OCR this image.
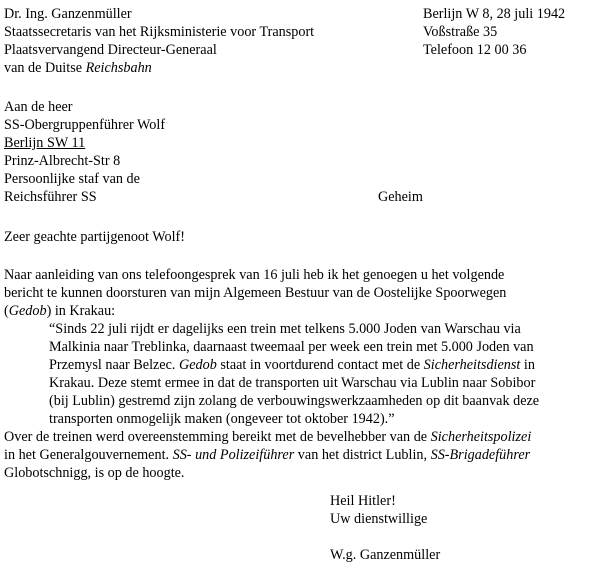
Dr. Ing. Ganzenmüller
Staatssecretaris van het Rijksministerie voor Transport
Plaatsvervangend Directeur-Generaal
van de Duitse Reichsbahn
Berlijn W 8, 28 juli 1942
Voßstraße 35
Telefoon 12 00 36
Aan de heer
SS-Obergruppenführer Wolf
Berlijn SW 11
Prinz-Albrecht-Str 8
Persoonlijke staf van de
Reichsführer SS	Geheim
Zeer geachte partijgenoot Wolf!
Naar aanleiding van ons telefoongesprek van 16 juli heb ik het genoegen u het volgende
bericht te kunnen doorsturen van mijn Algemeen Bestuur van de Oostelijke Spoorwegen
(Gedob) in Krakau:
“Sinds 22 juli rijdt er dagelijks een trein met telkens 5.000 Joden van Warschau via
Malkinia naar Treblinka, daarnaast tweemaal per week een trein met 5.000 Joden van
Przemysl naar Belzec. Gedob staat in voortdurend contact met de Sicherheitsdienst in
Krakau. Deze stemt ermee in dat de transporten uit Warschau via Lublin naar Sobibor
(bij Lublin) gestremd zijn zolang de verbouwingswerkzaamheden op dit baanvak deze
transporten onmogelijk maken (ongeveer tot oktober 1942).”
Over de treinen werd overeenstemming bereikt met de bevelhebber van de Sicherheitspolizei
in het Generalgouvernement. SS- und Polizeiführer van het district Lublin, SS-Brigadeführer
Globotschnigg, is op de hoogte.
Heil Hitler!
Uw dienstwillige
W.g. Ganzenmüller
